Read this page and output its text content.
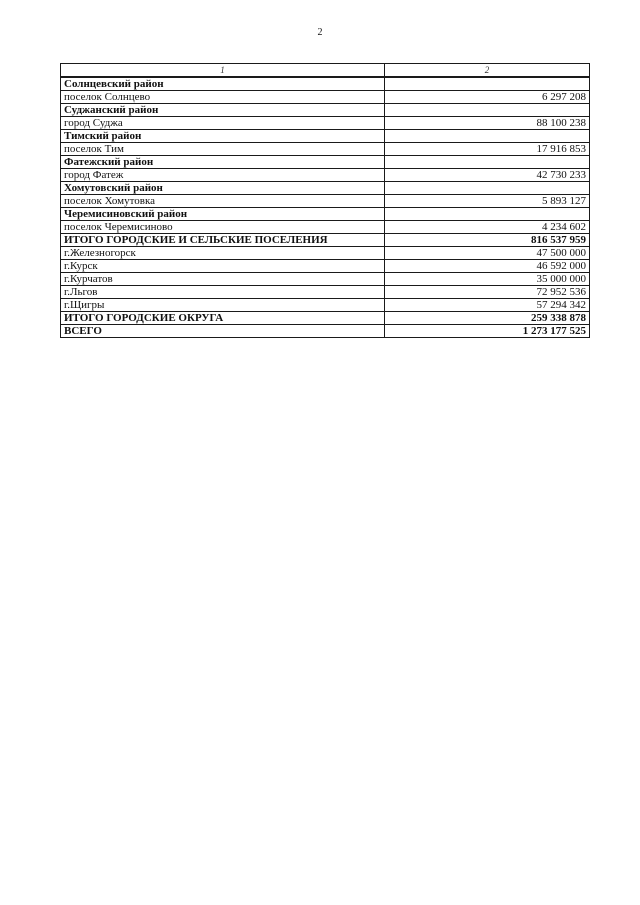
2
1	2
Солнцевский район	
поселок Солнцево	6 297 208
Суджанский район	
город Суджа	88 100 238
Тимский район	
поселок Тим	17 916 853
Фатежский район	
город Фатеж	42 730 233
Хомутовский район	
поселок Хомутовка	5 893 127
Черемисиновский район	
поселок Черемисиново	4 234 602
ИТОГО ГОРОДСКИЕ И СЕЛЬСКИЕ ПОСЕЛЕНИЯ	816 537 959
г.Железногорск	47 500 000
г.Курск	46 592 000
г.Курчатов	35 000 000
г.Льгов	72 952 536
г.Щигры	57 294 342
ИТОГО ГОРОДСКИЕ ОКРУГА	259 338 878
ВСЕГО	1 273 177 525
